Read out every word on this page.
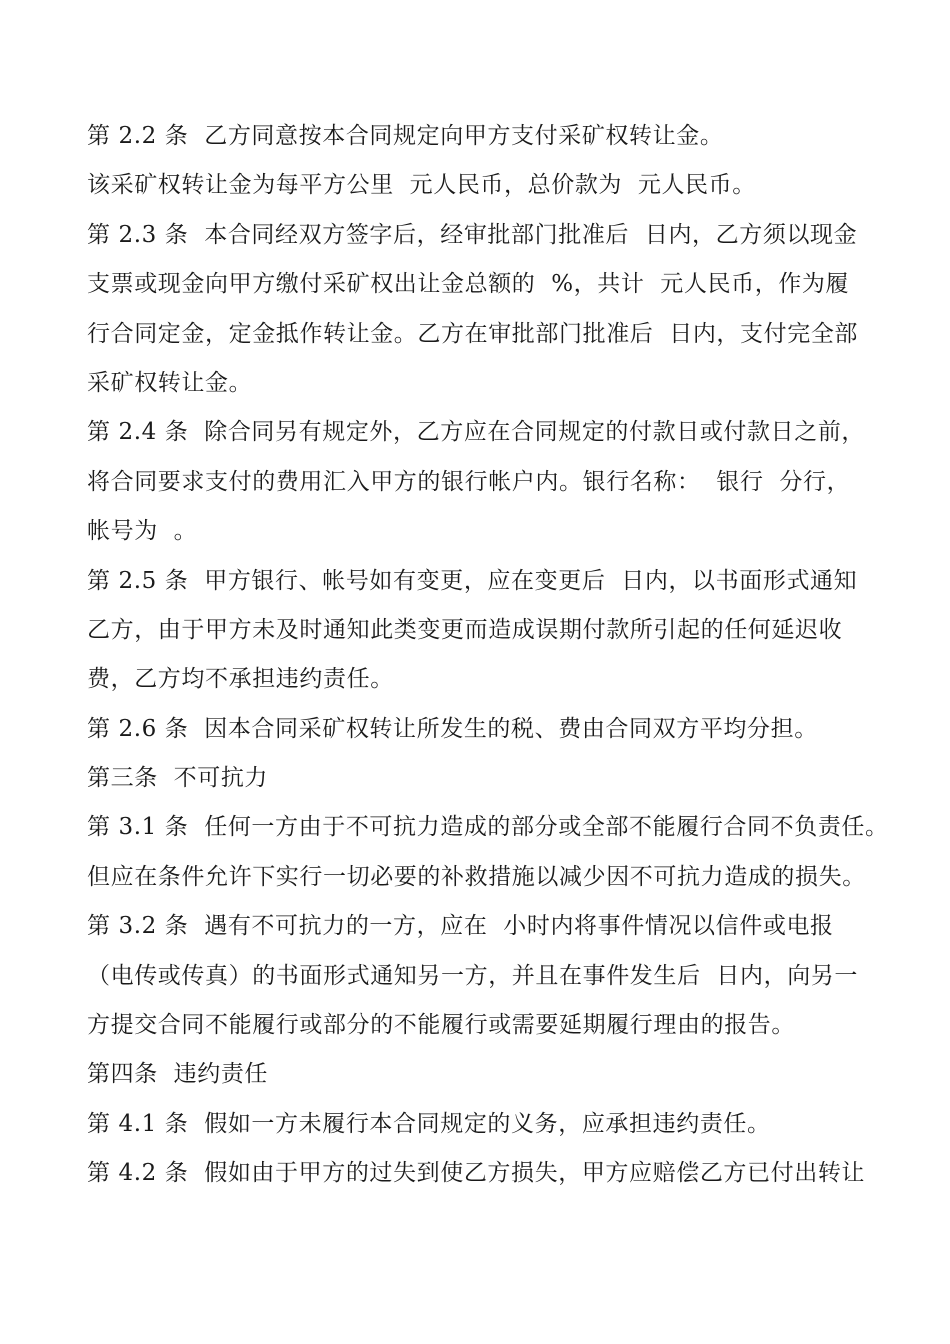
第 2.2 条  乙方同意按本合同规定向甲方支付采矿权转让金。
该采矿权转让金为每平方公里  元人民币，总价款为  元人民币。
第 2.3 条  本合同经双方签字后，经审批部门批准后  日内，乙方须以现金
支票或现金向甲方缴付采矿权出让金总额的  %，共计  元人民币，作为履
行合同定金，定金抵作转让金。乙方在审批部门批准后  日内，支付完全部
采矿权转让金。
第 2.4 条  除合同另有规定外，乙方应在合同规定的付款日或付款日之前，
将合同要求支付的费用汇入甲方的银行帐户内。银行名称：  银行  分行，
帐号为  。
第 2.5 条  甲方银行、帐号如有变更，应在变更后  日内，以书面形式通知
乙方，由于甲方未及时通知此类变更而造成误期付款所引起的任何延迟收
费，乙方均不承担违约责任。
第 2.6 条  因本合同采矿权转让所发生的税、费由合同双方平均分担。
第三条  不可抗力
第 3.1 条  任何一方由于不可抗力造成的部分或全部不能履行合同不负责任。
但应在条件允许下实行一切必要的补救措施以减少因不可抗力造成的损失。
第 3.2 条  遇有不可抗力的一方，应在  小时内将事件情况以信件或电报
（电传或传真）的书面形式通知另一方，并且在事件发生后  日内，向另一
方提交合同不能履行或部分的不能履行或需要延期履行理由的报告。
第四条  违约责任
第 4.1 条  假如一方未履行本合同规定的义务，应承担违约责任。
第 4.2 条  假如由于甲方的过失到使乙方损失，甲方应赔偿乙方已付出转让
